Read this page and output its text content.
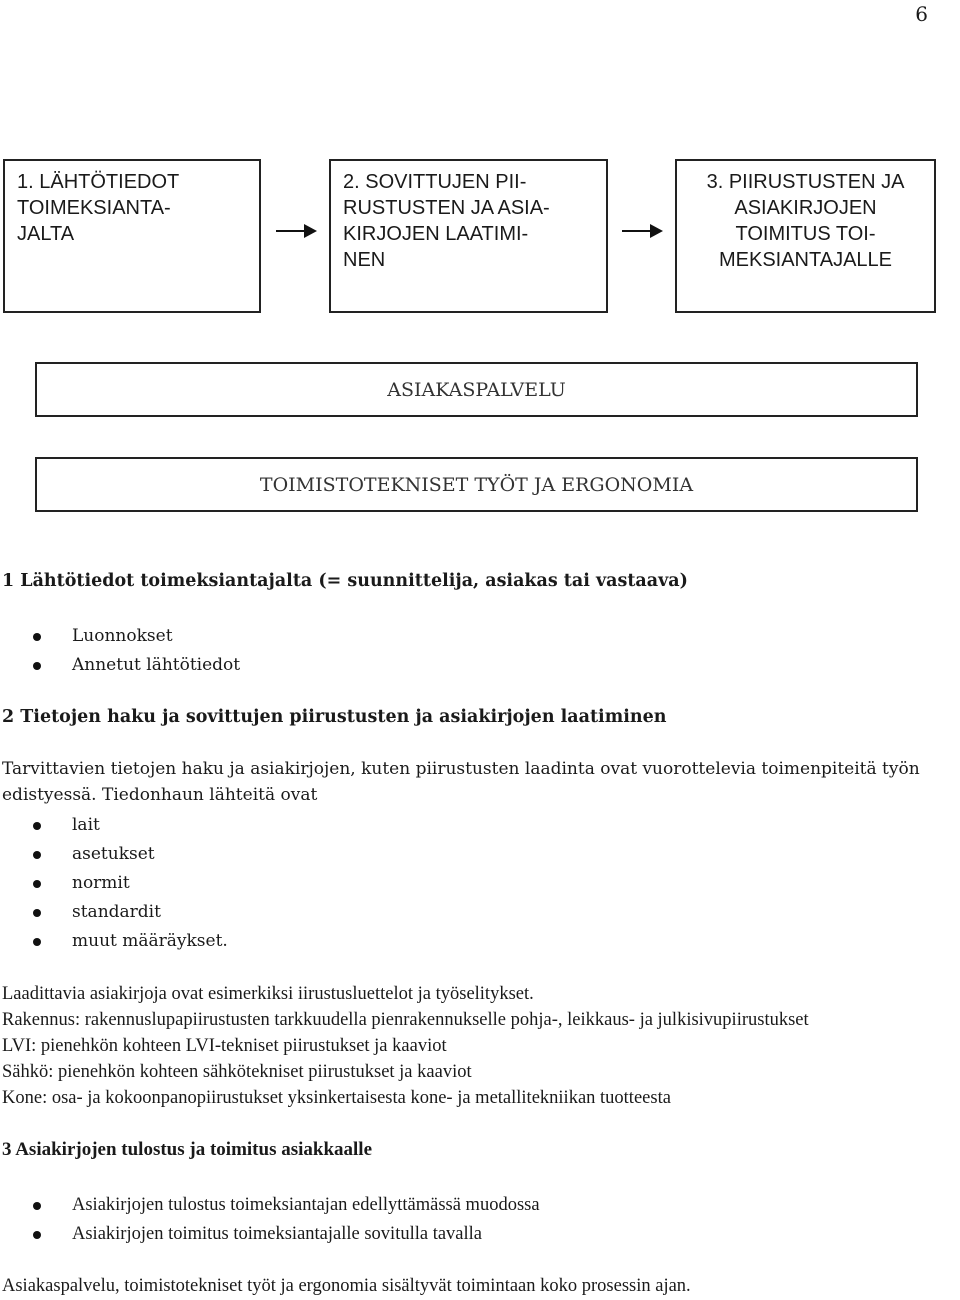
6
1. LÄHTÖTIEDOT
TOIMEKSIANTA-
JALTA
2. SOVITTUJEN PII-
RUSTUSTEN JA ASIA-
KIRJOJEN LAATIMI-
NEN
3. PIIRUSTUSTEN JA
ASIAKIRJOJEN
TOIMITUS TOI-
MEKSIANTAJALLE
ASIAKASPALVELU
TOIMISTOTEKNISET TYÖT JA ERGONOMIA
1 Lähtötiedot toimeksiantajalta (= suunnittelija, asiakas tai vastaava)
Luonnokset
Annetut lähtötiedot
2 Tietojen haku ja sovittujen piirustusten ja asiakirjojen laatiminen
Tarvittavien tietojen haku ja asiakirjojen, kuten piirustusten laadinta ovat vuorottelevia toimenpiteitä työn
edistyessä. Tiedonhaun lähteitä ovat
lait
asetukset
normit
standardit
muut määräykset.
Laadittavia asiakirjoja ovat esimerkiksi iirustusluettelot ja työselitykset.
Rakennus: rakennuslupapiirustusten tarkkuudella pienrakennukselle pohja-, leikkaus- ja julkisivupiirustukset
LVI: pienehkön kohteen LVI-tekniset piirustukset ja kaaviot
Sähkö: pienehkön kohteen sähkötekniset piirustukset ja kaaviot
Kone: osa- ja kokoonpanopiirustukset yksinkertaisesta kone- ja metallitekniikan tuotteesta
3 Asiakirjojen tulostus ja toimitus asiakkaalle
Asiakirjojen tulostus toimeksiantajan edellyttämässä muodossa
Asiakirjojen toimitus toimeksiantajalle sovitulla tavalla
Asiakaspalvelu, toimistotekniset työt ja ergonomia sisältyvät toimintaan koko prosessin ajan.
